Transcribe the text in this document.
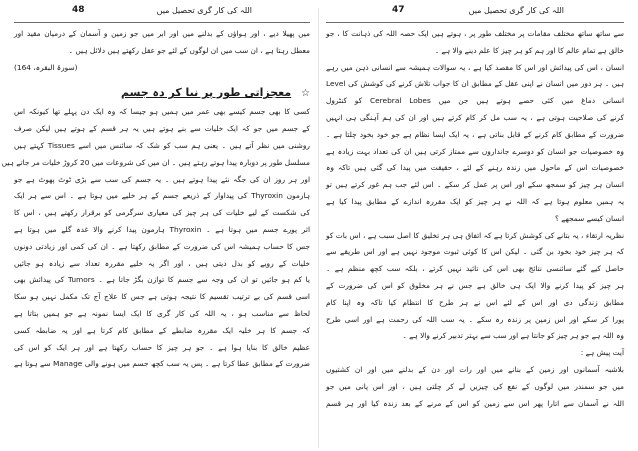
48	اللہ کی کار گری تحصیل میں
میں پھیلا دیے ، اور ہواؤں کے بدلنے میں اور ابر میں جو زمین و آسمان کے درمیان مقید اور
معطل رہتا ہے ، ان سب میں ان لوگوں کے لئے جو عقل رکھتے ہیں دلائل ہیں ۔
(سورۃ البقرہ، 164)
☆ معجزاتی طور پر نیا کر دہ جسم
کسی کا بھی جسم کیسے بھی عمر میں ہمیں ہو جیسا کہ وہ ایک دن پہلے تھا کیونکہ اس
کے جسم میں جو کہ ایک خلیات سے بنے ہوتے ہیں یہ ہر قسم کے ہوتے ہیں لیکن صرف
روشنی میں نظر آتے ہیں ۔ یعنی ہم سب کو شک کہ سائنس میں اسے Tissues کہتے ہیں
مسلسل طور پر دوبارہ پیدا ہوتے رہتے ہیں ۔ ان میں کی شروعات میں 20 کروڑ خلیات مر جاتے ہیں
اور ہر روز ان کی جگہ نئے پیدا ہوتے ہیں ۔ یہ جسم کی سب سے بڑی ٹوٹ پھوٹ ہے جو
ہارمون Thyroxin کی پیداوار کے ذریعے جسم کے ہر خلیے میں ہوتا ہے ۔ اس سے ہر ایک
کی شکست کے لیے خلیات کی ہر چیز کی معیاری سرگرمی کو برقرار رکھتے ہیں ، اس کا
اثر پورے جسم میں ہوتا ہے ۔ Thyroxin ہارمون پیدا کرنے والا غدہ گلے میں ہوتا ہے
جس کا حساب ہمیشہ اس کی ضرورت کے مطابق رکھتا ہے ۔ ان کی کمی اور زیادتی دونوں
خلیات کے رویے کو بدل دیتی ہیں ، اور اگر یہ خلیے مقررہ تعداد سے زیادہ ہو جائیں
یا کم ہو جائیں تو ان کی وجہ سے جسم کا توازن بگڑ جاتا ہے ۔ Tumors کی پیدائش بھی
اسی قسم کی بے ترتیب تقسیم کا نتیجہ ہوتی ہے جس کا علاج آج تک مکمل نہیں ہو سکا
لحاظ سے مناسب ہو ، یہ اللہ کی کار گری کا ایک ایسا نمونہ ہے جو ہمیں بتاتا ہے
کہ جسم کا ہر خلیہ ایک مقررہ ضابطے کے مطابق کام کرتا ہے اور یہ ضابطہ کسی
عظیم خالق کا بنایا ہوا ہے ۔ جو ہر چیز کا حساب رکھتا ہے اور ہر ایک کو اس کی
ضرورت کے مطابق عطا کرتا ہے ۔ پس یہ سب کچھ جسم میں ہونے والی Manage سے ہوتا ہے
47	اللہ کی کار گری تحصیل میں
سے ساتھ ساتھ مختلف مقامات پر مختلف طور پر ، ہوتے ہیں ایک حصہ اللہ کی ذہانت کا ، جو
خالق ہے تمام عالم کا اور ہم کو ہر چیز کا علم دینے والا ہے ۔
انسان ، اس کی پیدائش اور اس کا مقصد کیا ہے ، یہ سوالات ہمیشہ سے انسانی ذہن میں رہے
ہیں ۔ ہر دور میں انسان نے اپنی عقل کے مطابق ان کا جواب تلاش کرنے کی کوشش کی Level
انسانی دماغ میں کئی حصے ہوتے ہیں جن میں Cerebral Lobes کو کنٹرول
کرنے کی صلاحیت ہوتی ہے ، یہ سب مل کر کام کرتے ہیں اور ان کی ہم آہنگی ہی انہیں
ضرورت کے مطابق کام کرنے کے قابل بناتی ہے ، یہ ایک ایسا نظام ہے جو خود بخود چلتا ہے ۔
وہ خصوصیات جو انسان کو دوسرے جانداروں سے ممتاز کرتی ہیں ان کی تعداد بہت زیادہ ہے
خصوصیات اس کے ماحول میں زندہ رہنے کے لئے ، حقیقت میں پیدا کی گئی ہیں تاکہ وہ
انسان ہر چیز کو سمجھ سکے اور اس پر عمل کر سکے ۔ اس لئے جب ہم غور کرتے ہیں تو
یہ ہمیں معلوم ہوتا ہے کہ اللہ نے ہر چیز کو ایک مقررہ اندازے کے مطابق پیدا کیا ہے
انسان کیسے سمجھے ؟
نظریہ ارتقاء ، یہ بتانے کی کوشش کرتا ہے کہ اتفاق ہی ہر تخلیق کا اصل سبب ہے ، اس بات کو
کہ ہر چیز خود بخود بن گئی ۔ لیکن اس کا کوئی ثبوت موجود نہیں ہے اور اس طریقے سے
حاصل کیے گئے سائنسی نتائج بھی اس کی تائید نہیں کرتے ، بلکہ سب کچھ منظم ہے ۔
ہر چیز کو پیدا کرنے والا ایک ہی خالق ہے جس نے ہر مخلوق کو اس کی ضرورت کے
مطابق زندگی دی اور اس کے لئے اس نے ہر طرح کا انتظام کیا تاکہ وہ اپنا کام
پورا کر سکے اور اس زمین پر زندہ رہ سکے ۔ یہ سب اللہ کی رحمت ہے اور اسی طرح
وہ اللہ ہے جو ہر چیز کو جانتا ہے اور سب سے بہتر تدبیر کرنے والا ہے ۔
آیت پیش ہے :
بلاشبہ آسمانوں اور زمین کے بنانے میں اور رات اور دن کے بدلنے میں اور ان کشتیوں
میں جو سمندر میں لوگوں کے نفع کی چیزیں لے کر چلتی ہیں ، اور اس پانی میں جو
اللہ نے آسمان سے اتارا پھر اس سے زمین کو اس کے مرنے کے بعد زندہ کیا اور ہر قسم
